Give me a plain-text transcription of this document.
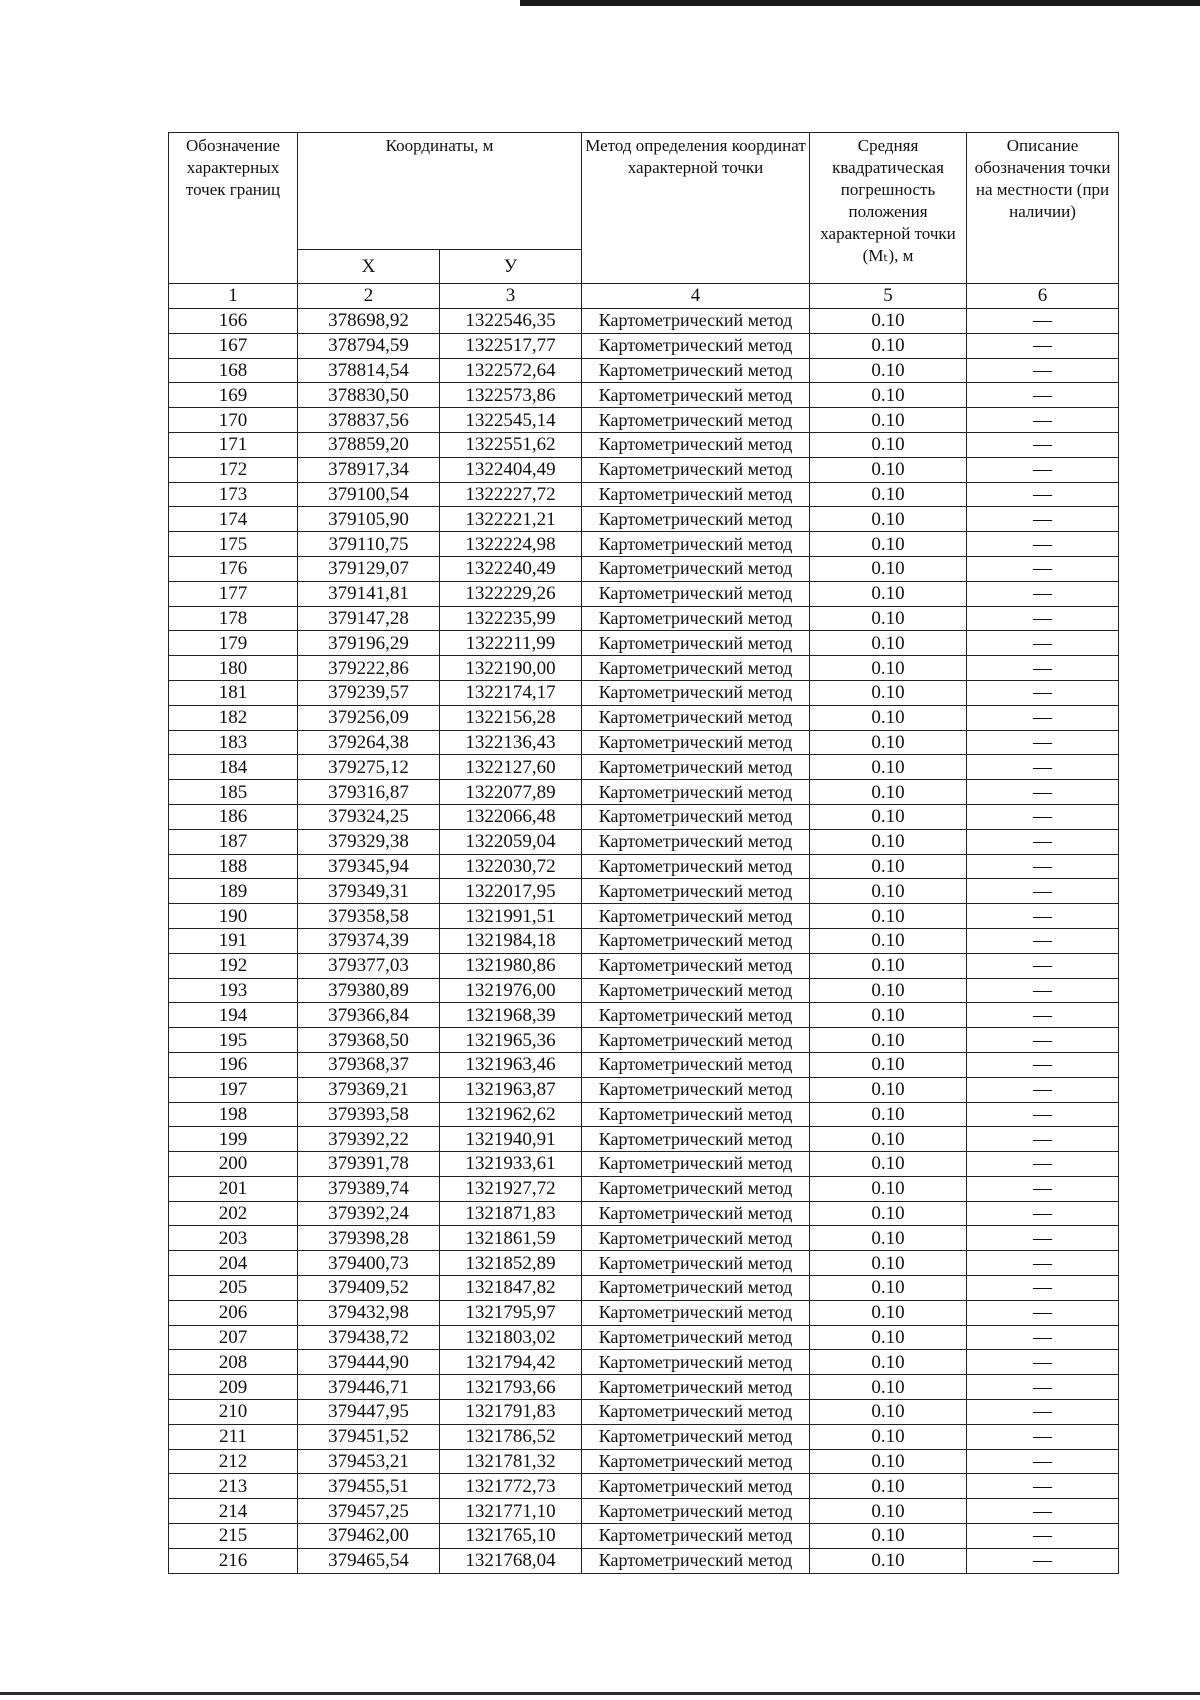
Обозначение характерных точек границ	Координаты, м		Метод определения координат характерной точки	Средняя квадратическая погрешность положения характерной точки (Мₜ), м	Описание обозначения точки на местности (при наличии)
	Х	У			
1	2	3	4	5	6
166	378698,92	1322546,35	Картометрический метод	0.10	—
167	378794,59	1322517,77	Картометрический метод	0.10	—
168	378814,54	1322572,64	Картометрический метод	0.10	—
169	378830,50	1322573,86	Картометрический метод	0.10	—
170	378837,56	1322545,14	Картометрический метод	0.10	—
171	378859,20	1322551,62	Картометрический метод	0.10	—
172	378917,34	1322404,49	Картометрический метод	0.10	—
173	379100,54	1322227,72	Картометрический метод	0.10	—
174	379105,90	1322221,21	Картометрический метод	0.10	—
175	379110,75	1322224,98	Картометрический метод	0.10	—
176	379129,07	1322240,49	Картометрический метод	0.10	—
177	379141,81	1322229,26	Картометрический метод	0.10	—
178	379147,28	1322235,99	Картометрический метод	0.10	—
179	379196,29	1322211,99	Картометрический метод	0.10	—
180	379222,86	1322190,00	Картометрический метод	0.10	—
181	379239,57	1322174,17	Картометрический метод	0.10	—
182	379256,09	1322156,28	Картометрический метод	0.10	—
183	379264,38	1322136,43	Картометрический метод	0.10	—
184	379275,12	1322127,60	Картометрический метод	0.10	—
185	379316,87	1322077,89	Картометрический метод	0.10	—
186	379324,25	1322066,48	Картометрический метод	0.10	—
187	379329,38	1322059,04	Картометрический метод	0.10	—
188	379345,94	1322030,72	Картометрический метод	0.10	—
189	379349,31	1322017,95	Картометрический метод	0.10	—
190	379358,58	1321991,51	Картометрический метод	0.10	—
191	379374,39	1321984,18	Картометрический метод	0.10	—
192	379377,03	1321980,86	Картометрический метод	0.10	—
193	379380,89	1321976,00	Картометрический метод	0.10	—
194	379366,84	1321968,39	Картометрический метод	0.10	—
195	379368,50	1321965,36	Картометрический метод	0.10	—
196	379368,37	1321963,46	Картометрический метод	0.10	—
197	379369,21	1321963,87	Картометрический метод	0.10	—
198	379393,58	1321962,62	Картометрический метод	0.10	—
199	379392,22	1321940,91	Картометрический метод	0.10	—
200	379391,78	1321933,61	Картометрический метод	0.10	—
201	379389,74	1321927,72	Картометрический метод	0.10	—
202	379392,24	1321871,83	Картометрический метод	0.10	—
203	379398,28	1321861,59	Картометрический метод	0.10	—
204	379400,73	1321852,89	Картометрический метод	0.10	—
205	379409,52	1321847,82	Картометрический метод	0.10	—
206	379432,98	1321795,97	Картометрический метод	0.10	—
207	379438,72	1321803,02	Картометрический метод	0.10	—
208	379444,90	1321794,42	Картометрический метод	0.10	—
209	379446,71	1321793,66	Картометрический метод	0.10	—
210	379447,95	1321791,83	Картометрический метод	0.10	—
211	379451,52	1321786,52	Картометрический метод	0.10	—
212	379453,21	1321781,32	Картометрический метод	0.10	—
213	379455,51	1321772,73	Картометрический метод	0.10	—
214	379457,25	1321771,10	Картометрический метод	0.10	—
215	379462,00	1321765,10	Картометрический метод	0.10	—
216	379465,54	1321768,04	Картометрический метод	0.10	—
